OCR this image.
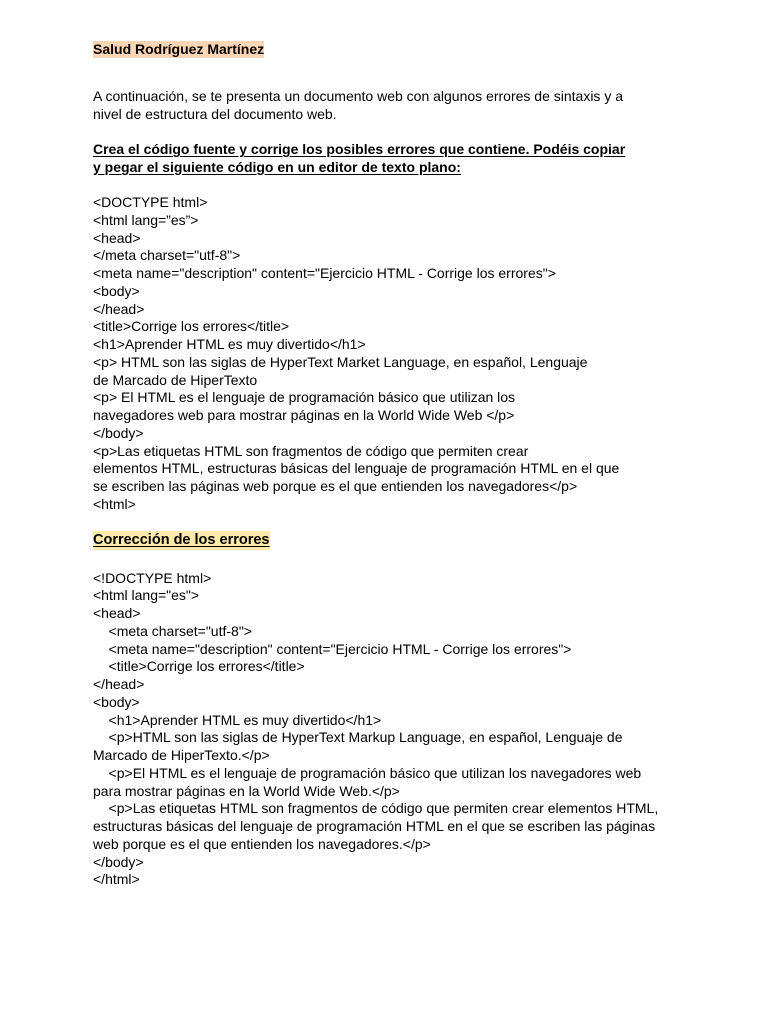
Salud Rodríguez Martínez

A continuación, se te presenta un documento web con algunos errores de sintaxis y a
nivel de estructura del documento web.

Crea el código fuente y corrige los posibles errores que contiene. Podéis copiar
y pegar el siguiente código en un editor de texto plano:

<DOCTYPE html>

<html lang=”es”>

<head>

</meta charset="utf-8">

<meta name="description" content="Ejercicio HTML - Corrige los errores">

<body>

</head>

<title>Corrige los errores</title>

<h1>Aprender HTML es muy divertido</h1>

<p> HTML son las siglas de HyperText Market Language, en español, Lenguaje

de Marcado de HiperTexto

<p> El HTML es el lenguaje de programación básico que utilizan los

navegadores web para mostrar páginas en la World Wide Web </p>

</body>

<p>Las etiquetas HTML son fragmentos de código que permiten crear

elementos HTML, estructuras básicas del lenguaje de programación HTML en el que

se escriben las páginas web porque es el que entienden los navegadores</p>

<html>

Corrección de los errores

<!DOCTYPE html>

<html lang="es">

<head>

<meta charset="utf-8">

<meta name="description" content="Ejercicio HTML - Corrige los errores">

<title>Corrige los errores</title>

</head>

<body>

<h1>Aprender HTML es muy divertido</h1>

<p>HTML son las siglas de HyperText Markup Language, en español, Lenguaje de

Marcado de HiperTexto.</p>

<p>El HTML es el lenguaje de programación básico que utilizan los navegadores web

para mostrar páginas en la World Wide Web.</p>

<p>Las etiquetas HTML son fragmentos de código que permiten crear elementos HTML,

estructuras básicas del lenguaje de programación HTML en el que se escriben las páginas

web porque es el que entienden los navegadores.</p>

</body>

</html>
